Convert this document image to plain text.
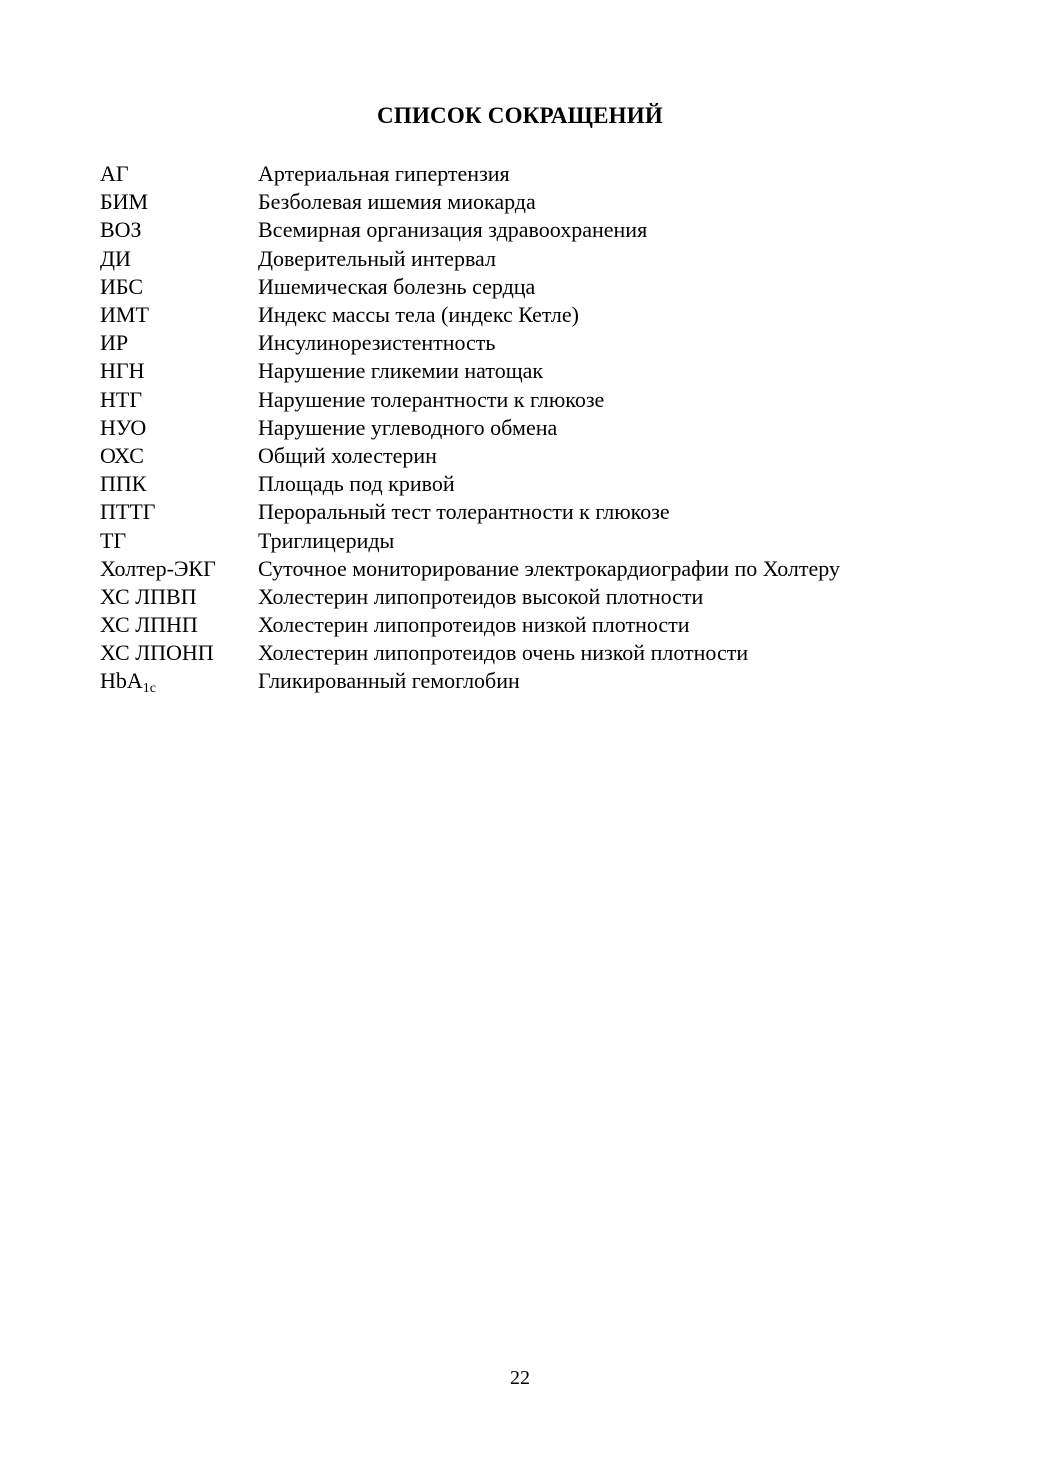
СПИСОК СОКРАЩЕНИЙ
АГ	Артериальная гипертензия
БИМ	Безболевая ишемия миокарда
ВОЗ	Всемирная организация здравоохранения
ДИ	Доверительный интервал
ИБС	Ишемическая болезнь сердца
ИМТ	Индекс массы тела (индекс Кетле)
ИР	Инсулинорезистентность
НГН	Нарушение гликемии натощак
НТГ	Нарушение толерантности к глюкозе
НУО	Нарушение углеводного обмена
ОХС	Общий холестерин
ППК	Площадь под кривой
ПТТГ	Пероральный тест толерантности к глюкозе
ТГ	Триглицериды
Холтер-ЭКГ	Суточное мониторирование электрокардиографии по Холтеру
ХС ЛПВП	Холестерин липопротеидов высокой плотности
ХС ЛПНП	Холестерин липопротеидов низкой плотности
ХС ЛПОНП	Холестерин липопротеидов очень низкой плотности
HbA$_{1c}$	Гликированный гемоглобин
22
